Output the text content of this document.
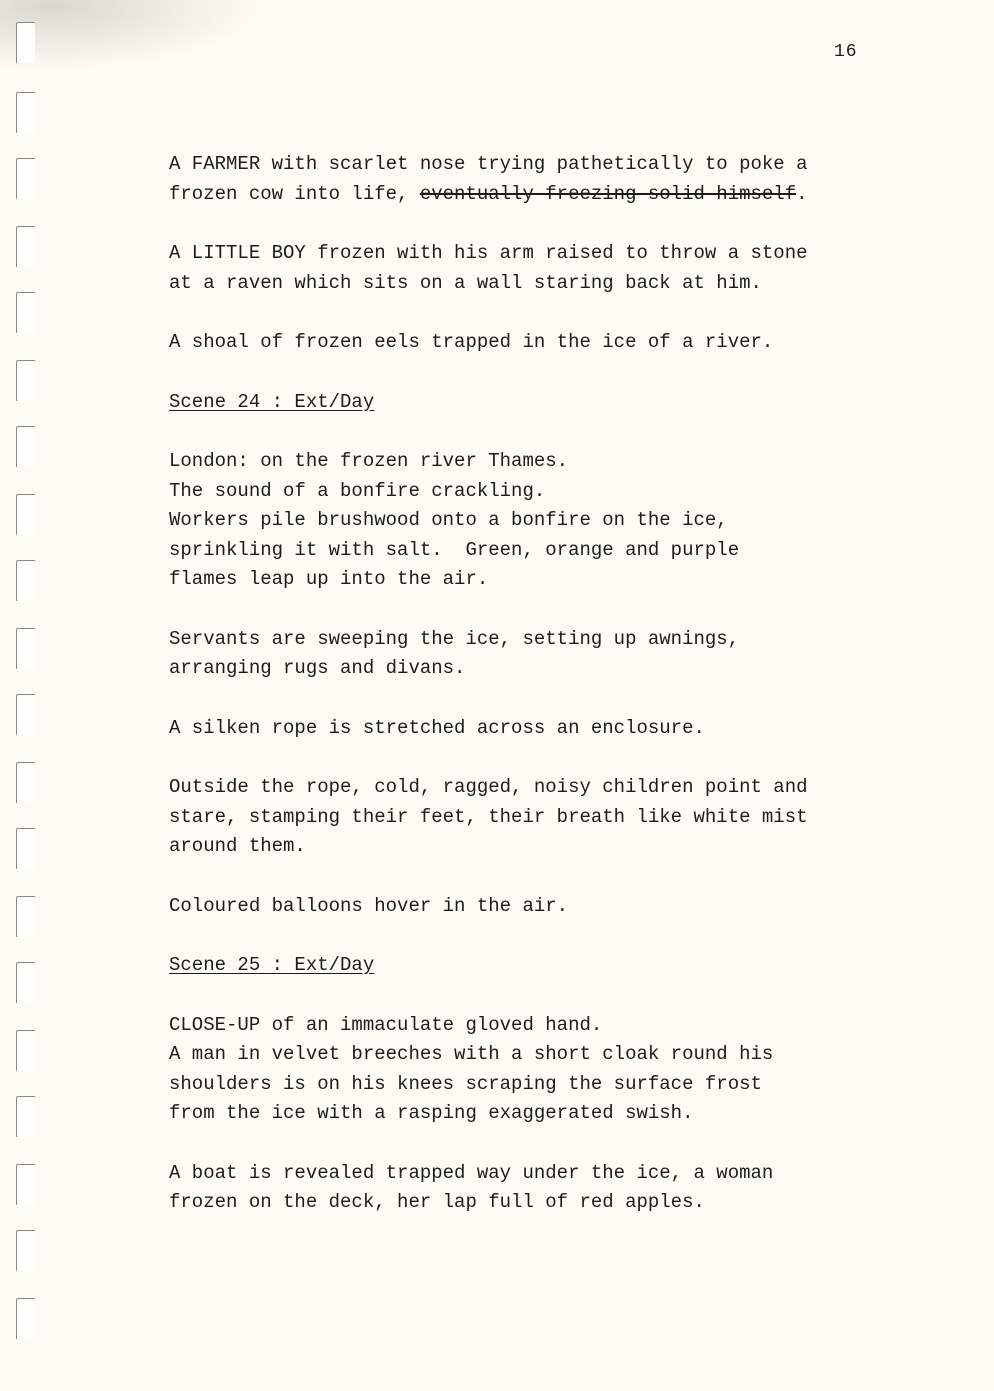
16
A FARMER with scarlet nose trying pathetically to poke a
frozen cow into life, eventually freezing solid himself.
A LITTLE BOY frozen with his arm raised to throw a stone
at a raven which sits on a wall staring back at him.
A shoal of frozen eels trapped in the ice of a river.
Scene 24 : Ext/Day
London: on the frozen river Thames.
The sound of a bonfire crackling.
Workers pile brushwood onto a bonfire on the ice,
sprinkling it with salt.  Green, orange and purple
flames leap up into the air.
Servants are sweeping the ice, setting up awnings,
arranging rugs and divans.
A silken rope is stretched across an enclosure.
Outside the rope, cold, ragged, noisy children point and
stare, stamping their feet, their breath like white mist
around them.
Coloured balloons hover in the air.
Scene 25 : Ext/Day
CLOSE-UP of an immaculate gloved hand.
A man in velvet breeches with a short cloak round his
shoulders is on his knees scraping the surface frost
from the ice with a rasping exaggerated swish.
A boat is revealed trapped way under the ice, a woman
frozen on the deck, her lap full of red apples.
